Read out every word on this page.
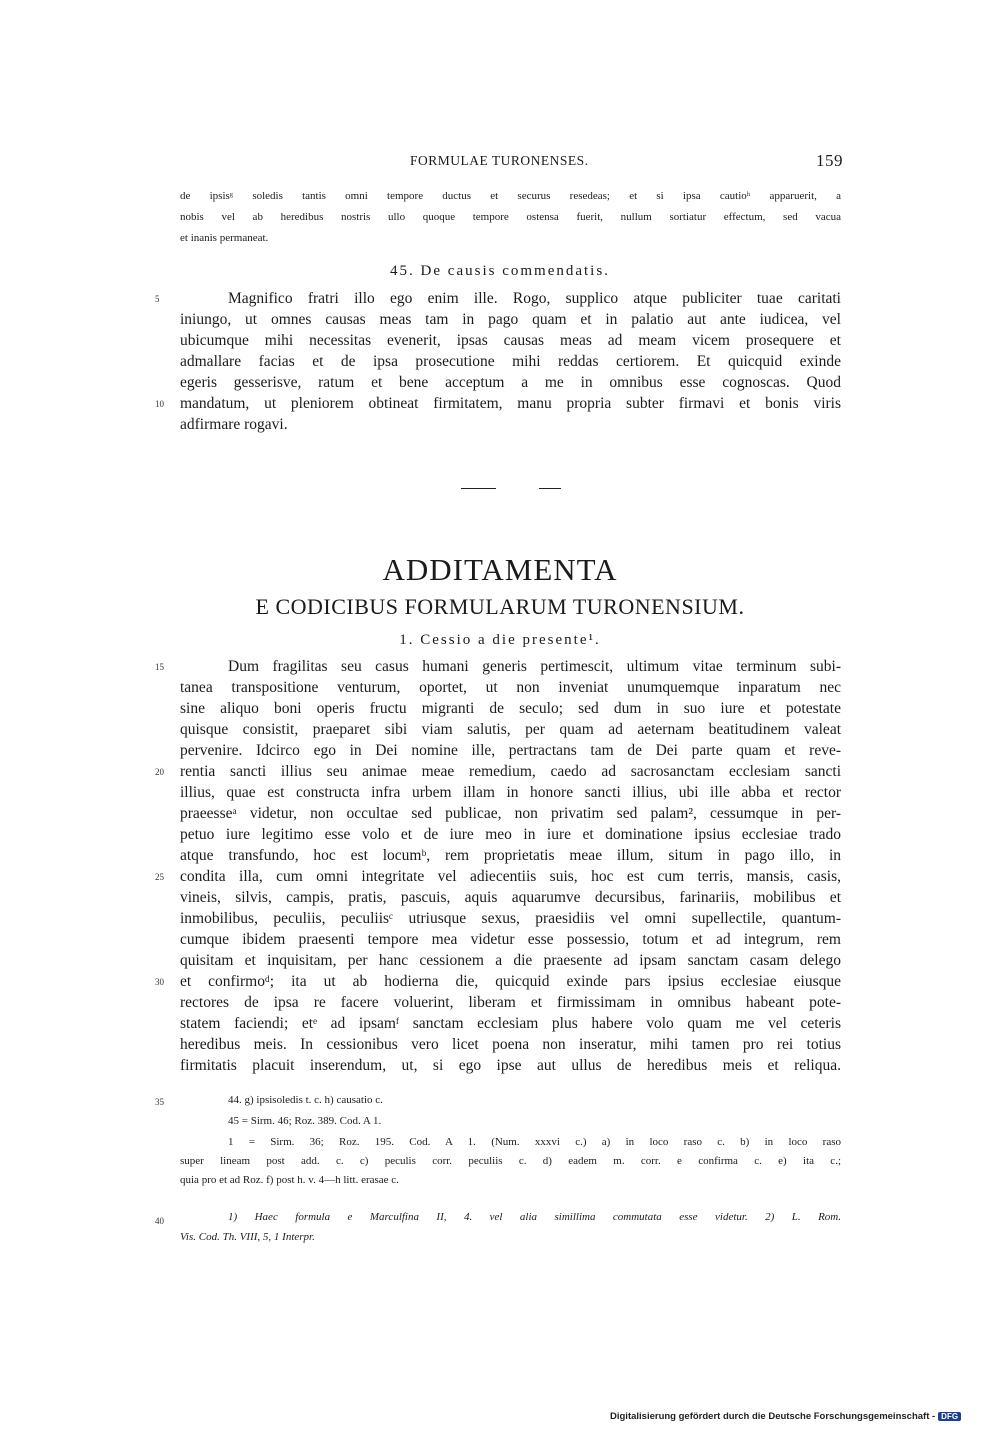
FORMULAE TURONENSES.	159
de ipsisᵍ soledis tantis omni tempore ductus et securus resedeas; et si ipsa cautioʰ apparuerit, a
nobis vel ab heredibus nostris ullo quoque tempore ostensa fuerit, nullum sortiatur effectum, sed vacua
et inanis permaneat.
45. De causis commendatis.
5
10
Magnifico fratri illo ego enim ille. Rogo, supplico atque publiciter tuae caritati
iniungo, ut omnes causas meas tam in pago quam et in palatio aut ante iudicea, vel
ubicumque mihi necessitas evenerit, ipsas causas meas ad meam vicem prosequere et
admallare facias et de ipsa prosecutione mihi reddas certiorem. Et quicquid exinde
egeris gesserisve, ratum et bene acceptum a me in omnibus esse cognoscas. Quod
mandatum, ut pleniorem obtineat firmitatem, manu propria subter firmavi et bonis viris
adfirmare rogavi.
ADDITAMENTA
E CODICIBUS FORMULARUM TURONENSIUM.
1. Cessio a die presente¹.
15
20
25
30
Dum fragilitas seu casus humani generis pertimescit, ultimum vitae terminum subi-
tanea transpositione venturum, oportet, ut non inveniat unumquemque inparatum nec
sine aliquo boni operis fructu migranti de seculo; sed dum in suo iure et potestate
quisque consistit, praeparet sibi viam salutis, per quam ad aeternam beatitudinem valeat
pervenire. Idcirco ego in Dei nomine ille, pertractans tam de Dei parte quam et reve-
rentia sancti illius seu animae meae remedium, caedo ad sacrosanctam ecclesiam sancti
illius, quae est constructa infra urbem illam in honore sancti illius, ubi ille abba et rector
praeesseᵃ videtur, non occultae sed publicae, non privatim sed palam², cessumque in per-
petuo iure legitimo esse volo et de iure meo in iure et dominatione ipsius ecclesiae trado
atque transfundo, hoc est locumᵇ, rem proprietatis meae illum, situm in pago illo, in
condita illa, cum omni integritate vel adiecentiis suis, hoc est cum terris, mansis, casis,
vineis, silvis, campis, pratis, pascuis, aquis aquarumve decursibus, farinariis, mobilibus et
inmobilibus, peculiis, peculiisᶜ utriusque sexus, praesidiis vel omni supellectile, quantum-
cumque ibidem praesenti tempore mea videtur esse possessio, totum et ad integrum, rem
quisitam et inquisitam, per hanc cessionem a die praesente ad ipsam sanctam casam delego
et confirmoᵈ; ita ut ab hodierna die, quicquid exinde pars ipsius ecclesiae eiusque
rectores de ipsa re facere voluerint, liberam et firmissimam in omnibus habeant pote-
statem faciendi; etᵉ ad ipsamᶠ sanctam ecclesiam plus habere volo quam me vel ceteris
heredibus meis. In cessionibus vero licet poena non inseratur, mihi tamen pro rei totius
firmitatis placuit inserendum, ut, si ego ipse aut ullus de heredibus meis et reliqua.
35	44. g) ipsisoledis t. c. h) causatio c.
45 = Sirm. 46; Roz. 389. Cod. A 1.
1 = Sirm. 36; Roz. 195. Cod. A 1. (Num. xxxvi c.) a) in loco raso c. b) in loco raso
super lineam post add. c. c) peculis corr. peculiis c. d) eadem m. corr. e confirma c. e) ita c.;
quia pro et ad Roz. f) post h. v. 4—h litt. erasae c.
40	1) Haec formula e Marculfina II, 4. vel alia simillima commutata esse videtur. 2) L. Rom.
Vis. Cod. Th. VIII, 5, 1 Interpr.
Digitalisierung gefördert durch die Deutsche Forschungsgemeinschaft - DFG
